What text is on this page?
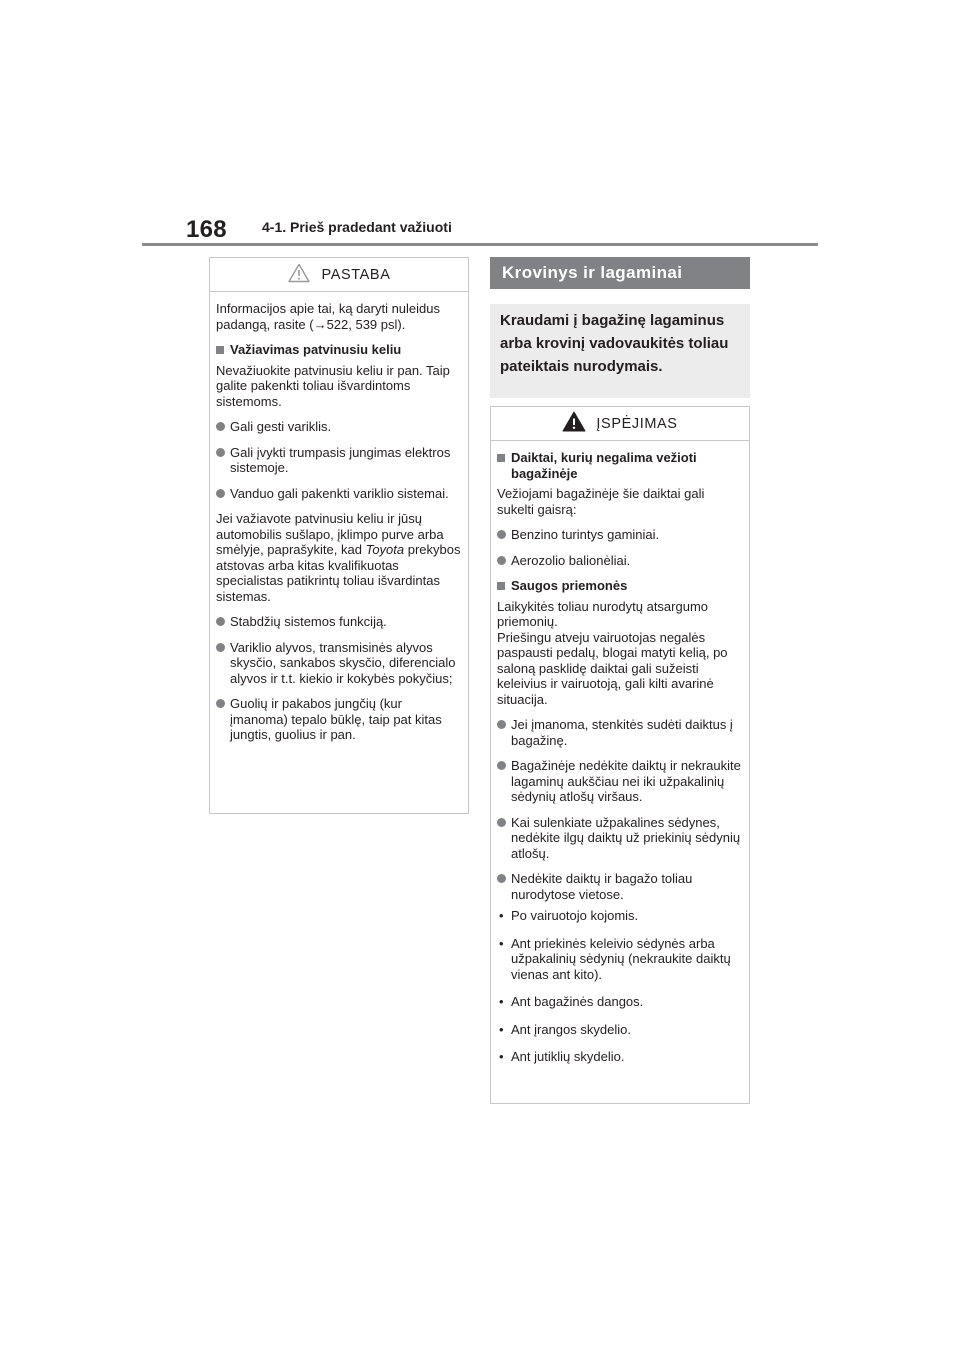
168	4-1. Prieš pradedant važiuoti
PASTABA

Informacijos apie tai, ką daryti nuleidus padangą, rasite (→522, 539 psl).

Važiavimas patvinusiu keliu

Nevažiuokite patvinusiu keliu ir pan. Taip galite pakenkti toliau išvardintoms sistemoms.

Gali gesti variklis.
Gali įvykti trumpasis jungimas elektros sistemoje.
Vanduo gali pakenkti variklio sistemai.

Jei važiavote patvinusiu keliu ir jūsų automobilis sušlapo, įklimpo purve arba smėlyje, paprašykite, kad Toyota prekybos atstovas arba kitas kvalifikuotas specialistas patikrintų toliau išvardintas sistemas.

Stabdžių sistemos funkciją.
Variklio alyvos, transmisinės alyvos skysčio, sankabos skysčio, diferencialo alyvos ir t.t. kiekio ir kokybės pokyčius;
Guolių ir pakabos jungčių (kur įmanoma) tepalo būklę, taip pat kitas jungtis, guolius ir pan.
Krovinys ir lagaminai
Kraudami į bagažinę lagaminus arba krovinį vadovaukitės toliau pateiktais nurodymais.
ĮSPĖJIMAS
Daiktai, kurių negalima vežioti bagažinėje

Vežiojami bagažinėje šie daiktai gali sukelti gaisrą:

Benzino turintys gaminiai.
Aerozolio balionėliai.
Saugos priemonės

Laikykitės toliau nurodytų atsargumo priemonių.

Priešingu atveju vairuotojas negalės paspausti pedalų, blogai matyti kelią, po saloną pasklidę daiktai gali sužeisti keleivius ir vairuotoją, gali kilti avarinė situacija.

Jei įmanoma, stenkitės sudėti daiktus į bagažinę.
Bagažinėje nedėkite daiktų ir nekraukite lagaminų aukščiau nei iki užpakalinių sėdynių atlošų viršaus.
Kai sulenkiate užpakalines sėdynes, nedėkite ilgų daiktų už priekinių sėdynių atlošų.
Nedėkite daiktų ir bagažo toliau nurodytose vietose.
• Po vairuotojo kojomis.
• Ant priekinės keleivio sėdynės arba užpakalinių sėdynių (nekraukite daiktų vienas ant kito).
• Ant bagažinės dangos.
• Ant įrangos skydelio.
• Ant jutiklių skydelio.
